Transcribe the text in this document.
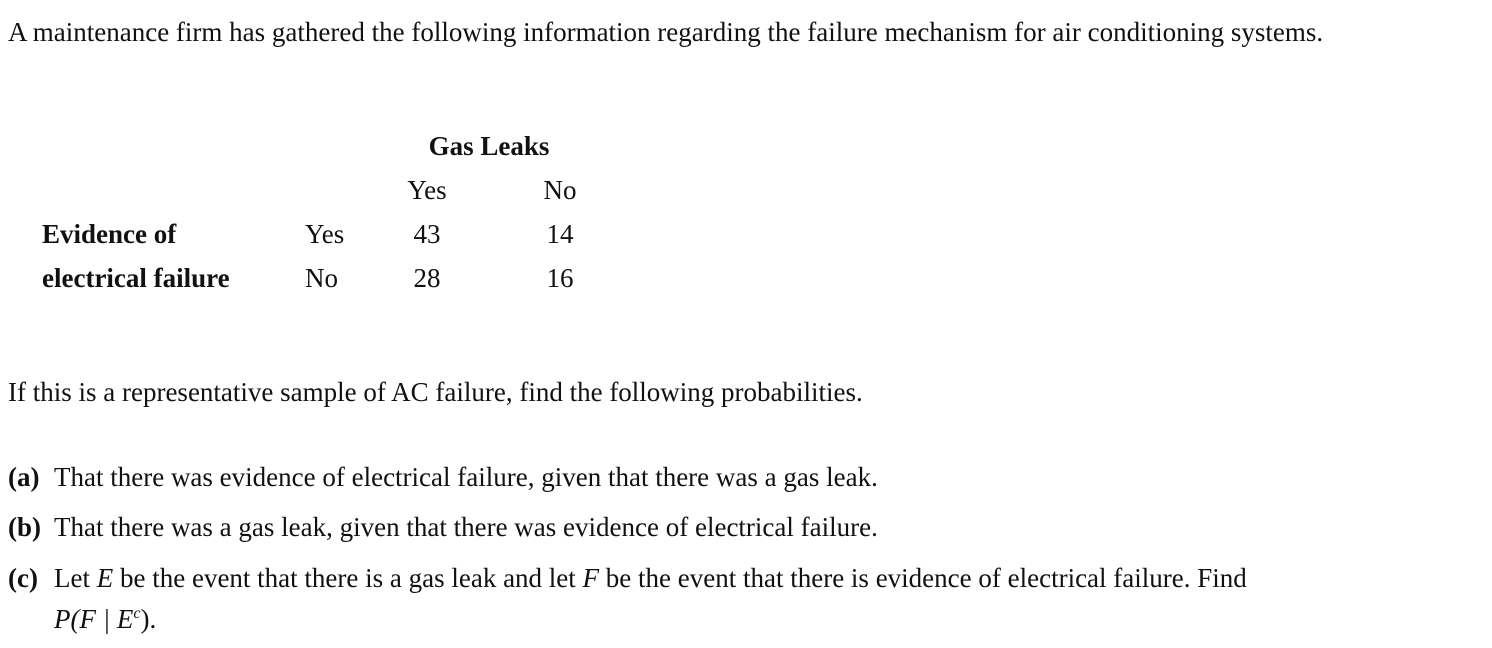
A maintenance firm has gathered the following information regarding the failure mechanism for air conditioning systems.
Gas Leaks
Yes	No
Evidence of
electrical failure
Yes	43	14
No	28	16
If this is a representative sample of AC failure, find the following probabilities.
(a) That there was evidence of electrical failure, given that there was a gas leak.
(b) That there was a gas leak, given that there was evidence of electrical failure.
(c) Let E be the event that there is a gas leak and let F be the event that there is evidence of electrical failure. Find
P(F | $E^c$).
